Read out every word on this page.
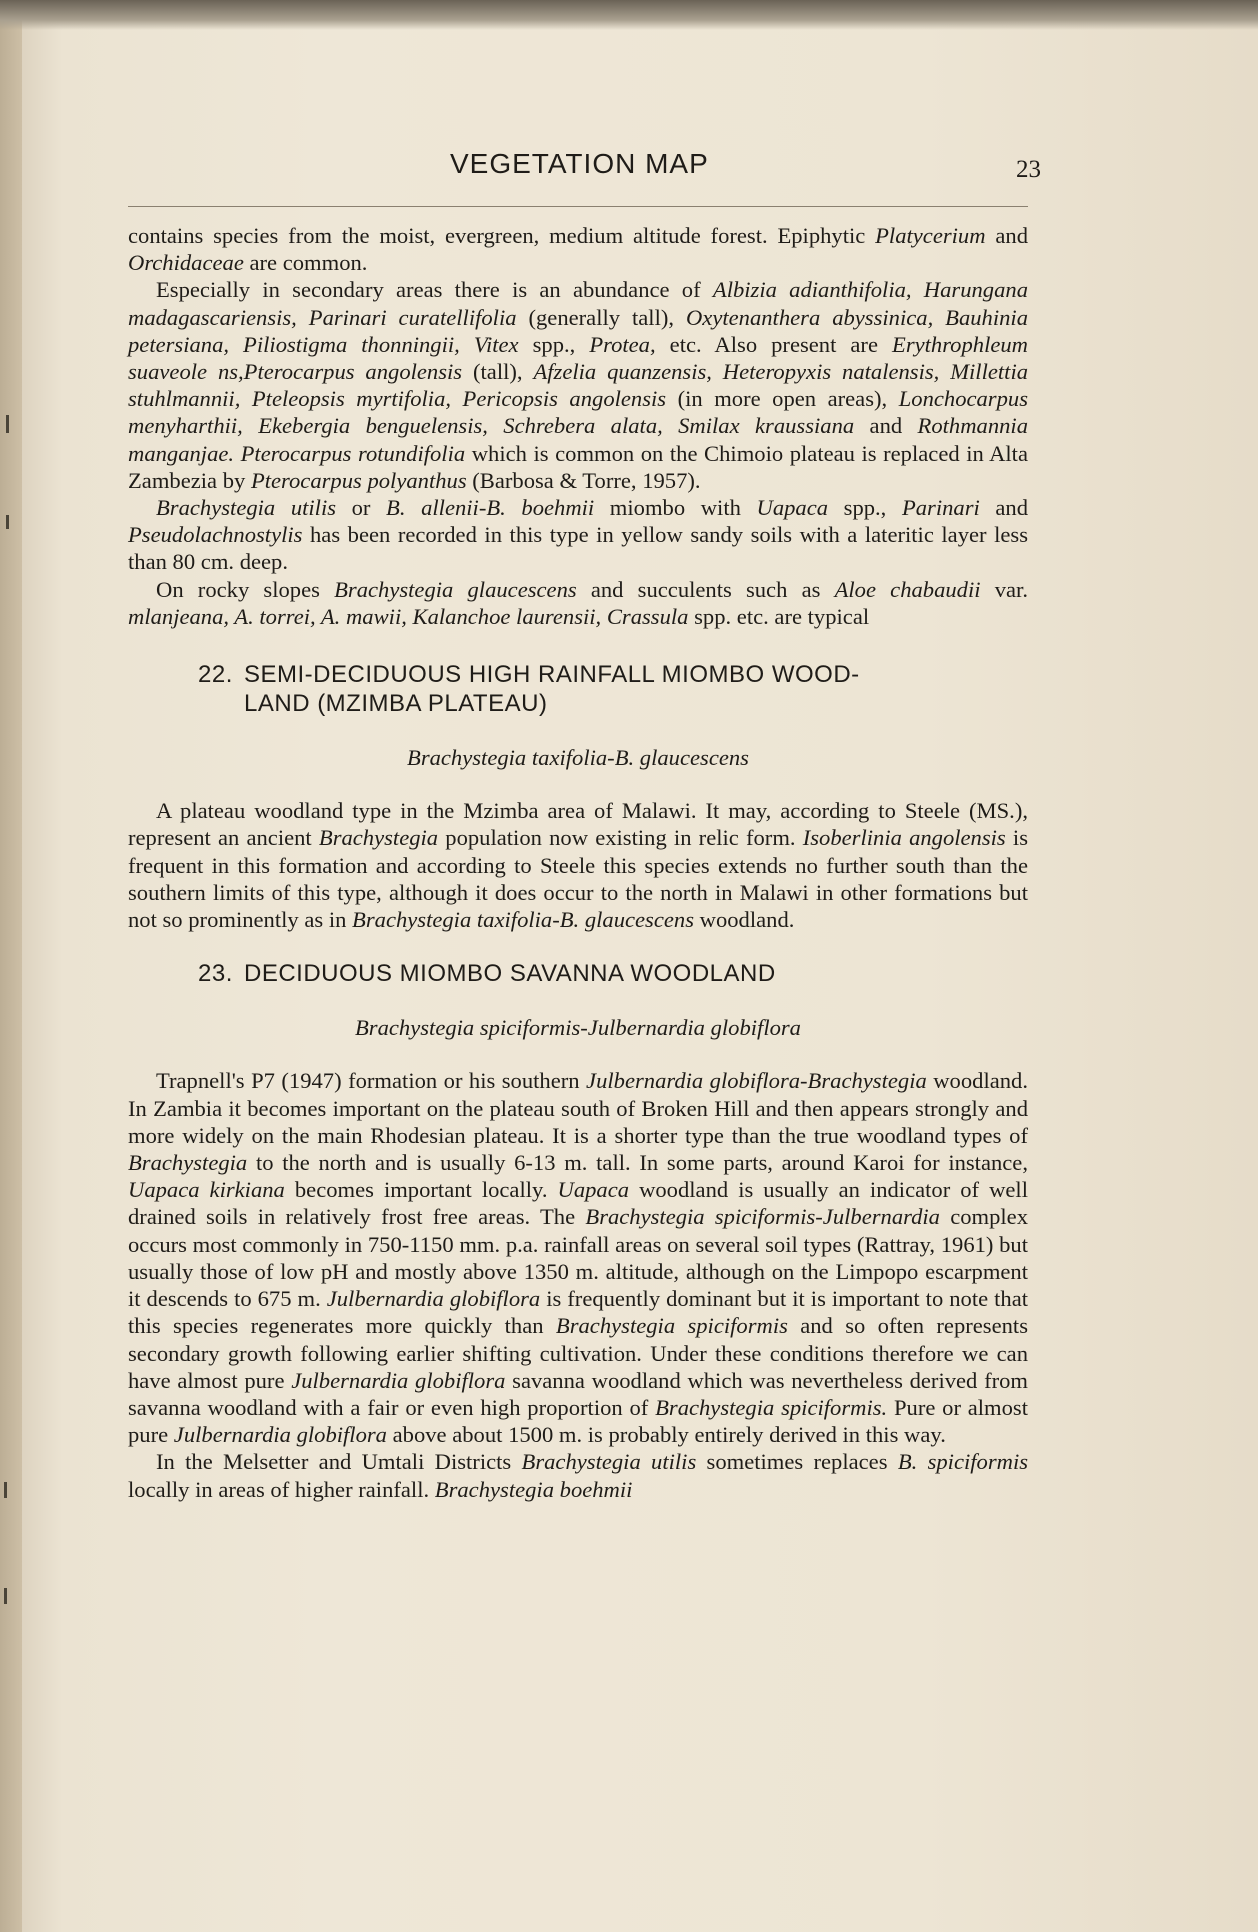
VEGETATION MAP	23

contains species from the moist, evergreen, medium altitude forest. Epiphytic Platycerium and Orchidaceae are common.

Especially in secondary areas there is an abundance of Albizia adianthifolia, Harungana madagascariensis, Parinari curatellifolia (generally tall), Oxytenanthera abyssinica, Bauhinia petersiana, Piliostigma thonningii, Vitex spp., Protea, etc. Also present are Erythrophleum suaveole ns,Pterocarpus angolensis (tall), Afzelia quanzensis, Heteropyxis natalensis, Millettia stuhlmannii, Pteleopsis myrtifolia, Pericopsis angolensis (in more open areas), Lonchocarpus menyharthii, Ekebergia benguelensis, Schrebera alata, Smilax kraussiana and Rothmannia manganjae. Pterocarpus rotundifolia which is common on the Chimoio plateau is replaced in Alta Zambezia by Pterocarpus polyanthus (Barbosa & Torre, 1957).

Brachystegia utilis or B. allenii-B. boehmii miombo with Uapaca spp., Parinari and Pseudolachnostylis has been recorded in this type in yellow sandy soils with a lateritic layer less than 80 cm. deep.

On rocky slopes Brachystegia glaucescens and succulents such as Aloe chabaudii var. mlanjeana, A. torrei, A. mawii, Kalanchoe laurensii, Crassula spp. etc. are typical

22. SEMI-DECIDUOUS HIGH RAINFALL MIOMBO WOOD-

LAND (MZIMBA PLATEAU)

Brachystegia taxifolia-B. glaucescens

A plateau woodland type in the Mzimba area of Malawi. It may, according to Steele (MS.), represent an ancient Brachystegia population now existing in relic form. Isoberlinia angolensis is frequent in this formation and according to Steele this species extends no further south than the southern limits of this type, although it does occur to the north in Malawi in other formations but not so prominently as in Brachystegia taxifolia-B. glaucescens woodland.

23. DECIDUOUS MIOMBO SAVANNA WOODLAND

Brachystegia spiciformis-Julbernardia globiflora

Trapnell's P7 (1947) formation or his southern Julbernardia globiflora-Brachystegia woodland. In Zambia it becomes important on the plateau south of Broken Hill and then appears strongly and more widely on the main Rhodesian plateau. It is a shorter type than the true woodland types of Brachystegia to the north and is usually 6-13 m. tall. In some parts, around Karoi for instance, Uapaca kirkiana becomes important locally. Uapaca woodland is usually an indicator of well drained soils in relatively frost free areas. The Brachystegia spiciformis-Julbernardia complex occurs most commonly in 750-1150 mm. p.a. rainfall areas on several soil types (Rattray, 1961) but usually those of low pH and mostly above 1350 m. altitude, although on the Limpopo escarpment it descends to 675 m. Julbernardia globiflora is frequently dominant but it is important to note that this species regenerates more quickly than Brachystegia spiciformis and so often represents secondary growth following earlier shifting cultivation. Under these conditions therefore we can have almost pure Julbernardia globiflora savanna woodland which was nevertheless derived from savanna woodland with a fair or even high proportion of Brachystegia spiciformis. Pure or almost pure Julbernardia globiflora above about 1500 m. is probably entirely derived in this way.

In the Melsetter and Umtali Districts Brachystegia utilis sometimes replaces B. spiciformis locally in areas of higher rainfall. Brachystegia boehmii
